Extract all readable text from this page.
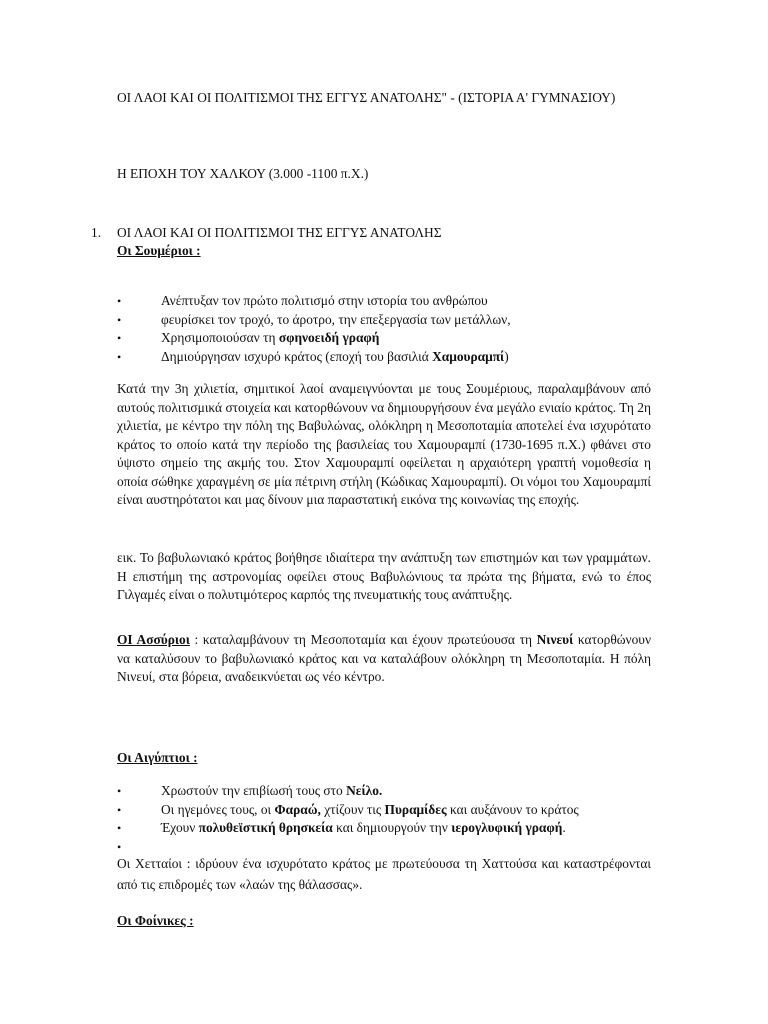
ΟΙ ΛΑΟΙ ΚΑΙ ΟΙ ΠΟΛΙΤΙΣΜΟΙ ΤΗΣ ΕΓΓΥΣ ΑΝΑΤΟΛΗΣ" - (ΙΣΤΟΡΙΑ Α' ΓΥΜΝΑΣΙΟΥ)
Η ΕΠΟΧΗ ΤΟΥ ΧΑΛΚΟΥ (3.000 -1100 π.Χ.)
1. ΟΙ ΛΑΟΙ ΚΑΙ ΟΙ ΠΟΛΙΤΙΣΜΟΙ ΤΗΣ ΕΓΓΥΣ ΑΝΑΤΟΛΗΣ
Οι Σουμέριοι :
•	Ανέπτυξαν τον πρώτο πολιτισμό στην ιστορία του ανθρώπου
•	φευρίσκει τον τροχό, το άροτρο, την επεξεργασία των μετάλλων,
•	Χρησιμοποιούσαν τη σφηνοειδή γραφή
•	Δημιούργησαν ισχυρό κράτος (εποχή του βασιλιά Χαμουραμπί)
Κατά την 3η χιλιετία, σημιτικοί λαοί αναμειγνύονται με τους Σουμέριους, παραλαμβάνουν από αυτούς πολιτισμικά στοιχεία και κατορθώνουν να δημιουργήσουν ένα μεγάλο ενιαίο κράτος. Τη 2η χιλιετία, με κέντρο την πόλη της Βαβυλώνας, ολόκληρη η Μεσοποταμία αποτελεί ένα ισχυρότατο κράτος το οποίο κατά την περίοδο της βασιλείας του Χαμουραμπί (1730-1695 π.Χ.) φθάνει στο ύψιστο σημείο της ακμής του. Στον Χαμουραμπί οφείλεται η αρχαιότερη γραπτή νομοθεσία η οποία σώθηκε χαραγμένη σε μία πέτρινη στήλη (Κώδικας Χαμουραμπί). Οι νόμοι του Χαμουραμπί είναι αυστηρότατοι και μας δίνουν μια παραστατική εικόνα της κοινωνίας της εποχής.
εικ. Το βαβυλωνιακό κράτος βοήθησε ιδιαίτερα την ανάπτυξη των επιστημών και των γραμμάτων. Η επιστήμη της αστρονομίας οφείλει στους Βαβυλώνιους τα πρώτα της βήματα, ενώ το έπος Γιλγαμές είναι ο πολυτιμότερος καρπός της πνευματικής τους ανάπτυξης.
ΟΙ Ασσύριοι : καταλαμβάνουν τη Μεσοποταμία και έχουν πρωτεύουσα τη Νινευί κατορθώνουν να καταλύσουν το βαβυλωνιακό κράτος και να καταλάβουν ολόκληρη τη Μεσοποταμία. Η πόλη Νινευί, στα βόρεια, αναδεικνύεται ως νέο κέντρο.
Οι Αιγύπτιοι :
•	Χρωστούν την επιβίωσή τους στο Νείλο.
•	Οι ηγεμόνες τους, οι Φαραώ, χτίζουν τις Πυραμίδες και αυξάνουν το κράτος
•	Έχουν πολυθεϊστική θρησκεία και δημιουργούν την ιερογλυφική γραφή.
•
Οι Χετταίοι : ιδρύουν ένα ισχυρότατο κράτος με πρωτεύουσα τη Χαττούσα και καταστρέφονται από τις επιδρομές των «λαών της θάλασσας».
Οι Φοίνικες :
